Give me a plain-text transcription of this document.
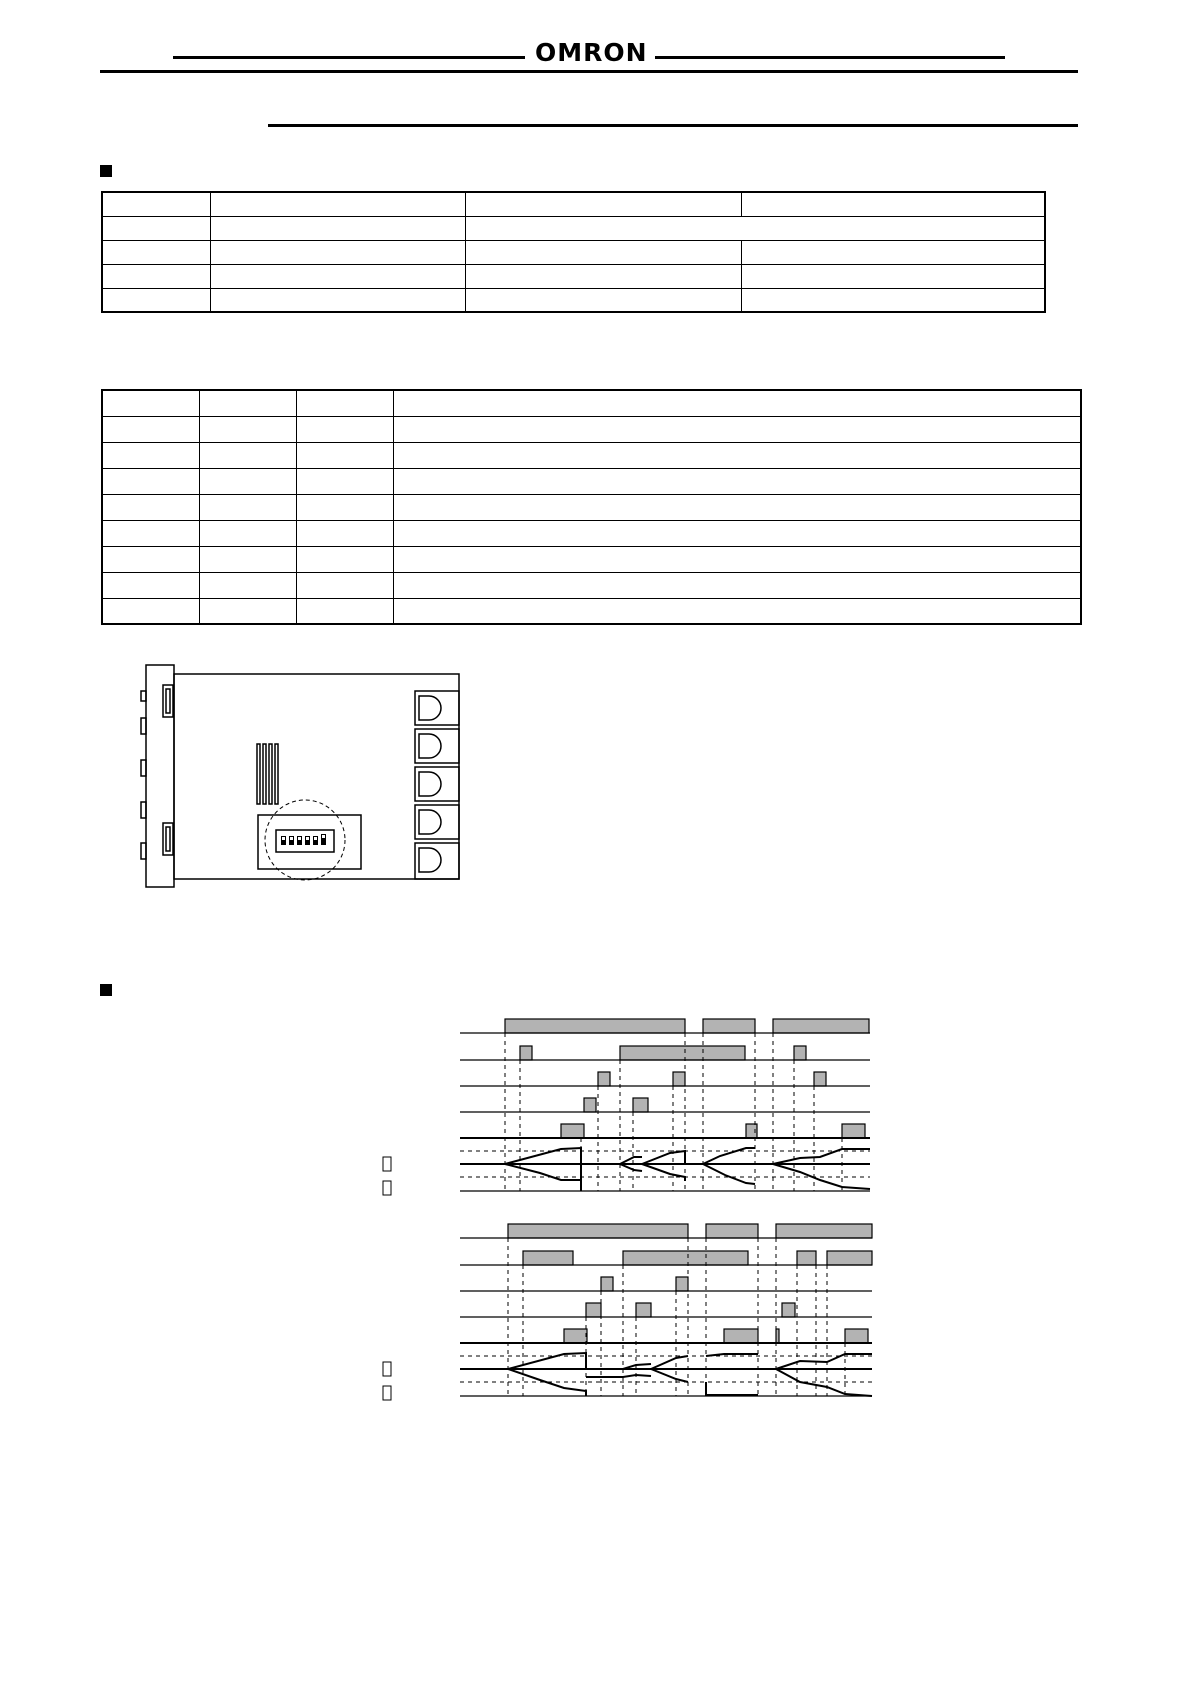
OMRON
